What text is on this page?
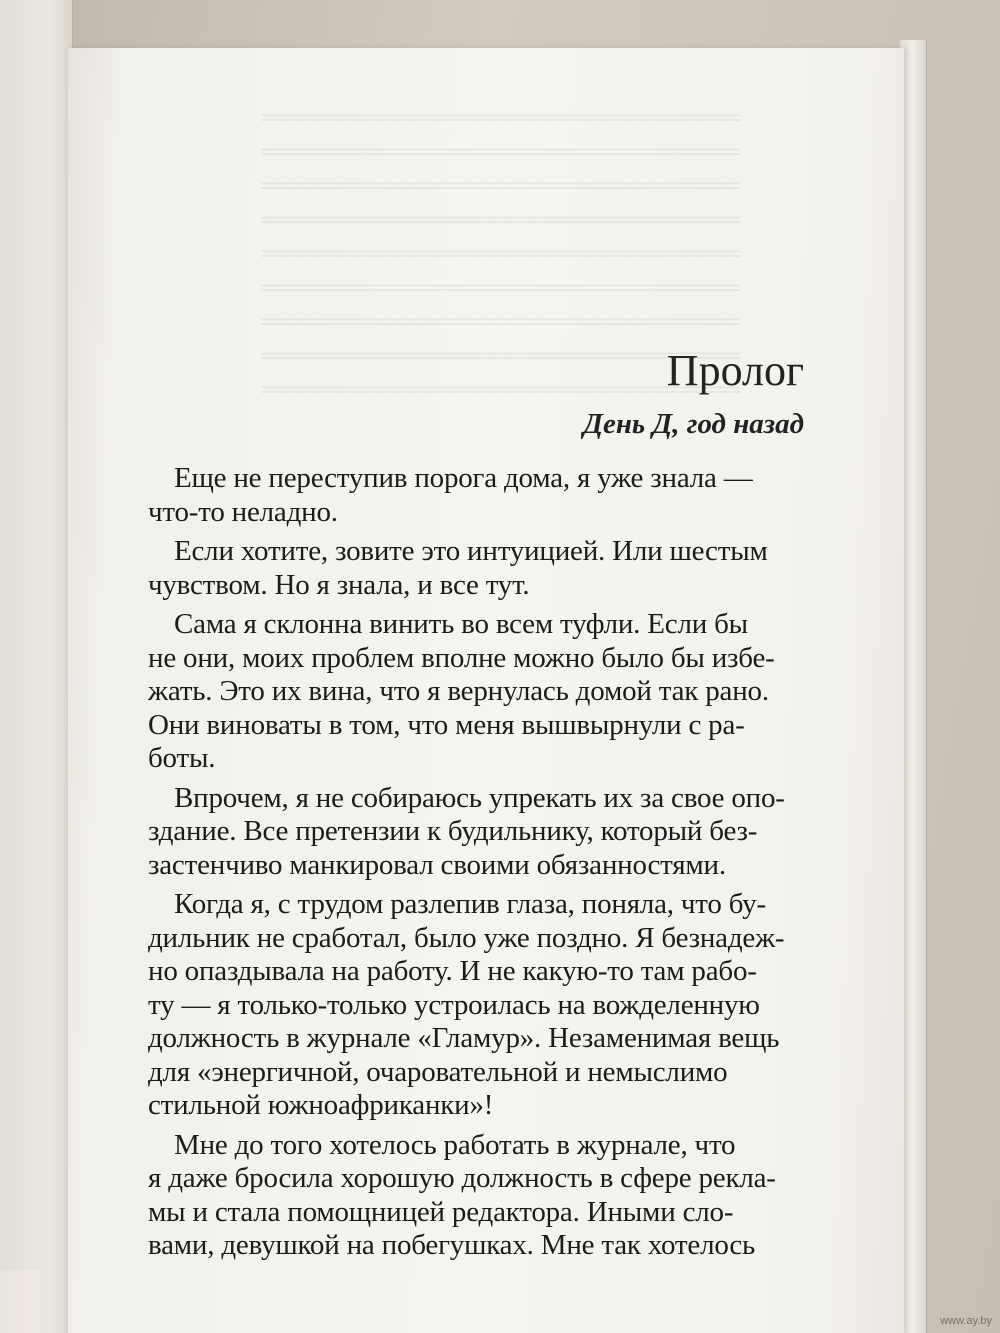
═════════════════════════
═════════════════════════
═════════════════════════
═════════════════════════
═════════════════════════
═════════════════════════
═════════════════════════
═════════════════════════
═════════════════════════
Пролог
День Д, год назад

Еще не переступив порога дома, я уже знала —
что-то неладно.

Если хотите, зовите это интуицией. Или шестым
чувством. Но я знала, и все тут.

Сама я склонна винить во всем туфли. Если бы
не они, моих проблем вполне можно было бы избе-
жать. Это их вина, что я вернулась домой так рано.
Они виноваты в том, что меня вышвырнули с ра-
боты.

Впрочем, я не собираюсь упрекать их за свое опо-
здание. Все претензии к будильнику, который без-
застенчиво манкировал своими обязанностями.

Когда я, с трудом разлепив глаза, поняла, что бу-
дильник не сработал, было уже поздно. Я безнадеж-
но опаздывала на работу. И не какую-то там рабо-
ту — я только-только устроилась на вожделенную
должность в журнале «Гламур». Незаменимая вещь
для «энергичной, очаровательной и немыслимо
стильной южноафриканки»!

Мне до того хотелось работать в журнале, что
я даже бросила хорошую должность в сфере рекла-
мы и стала помощницей редактора. Иными сло-
вами, девушкой на побегушках. Мне так хотелось

www.ay.by
